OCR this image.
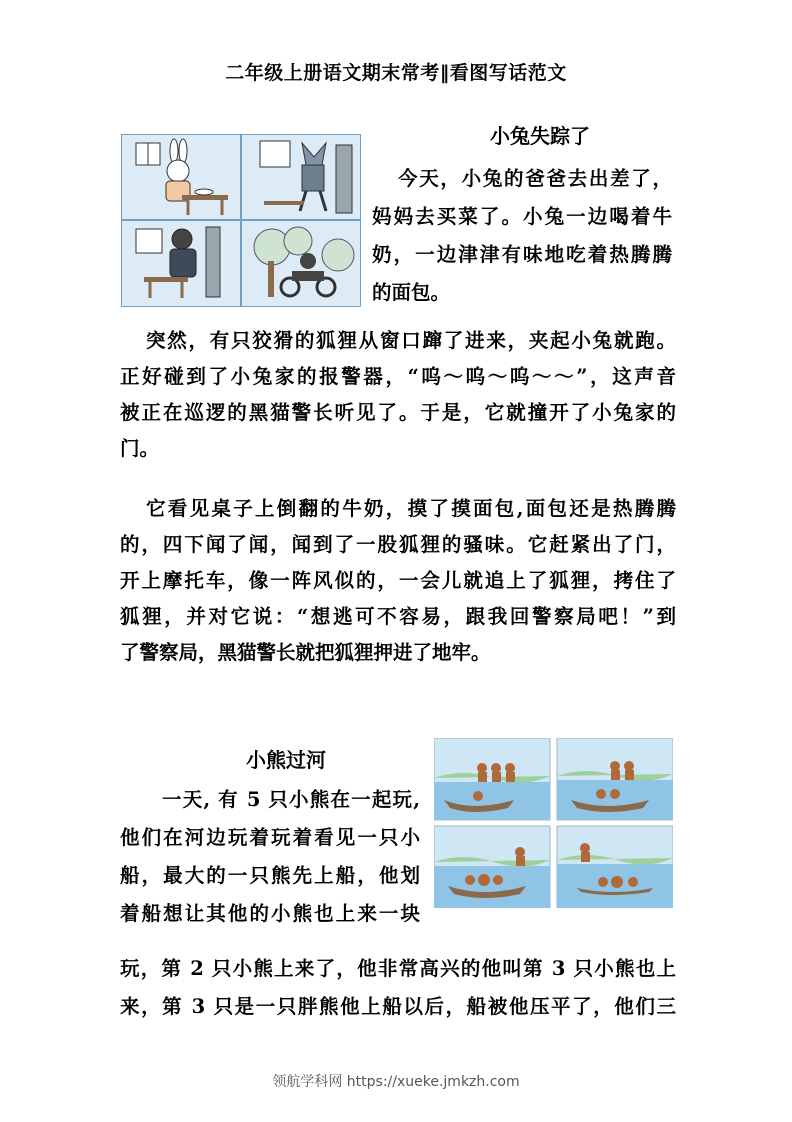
二年级上册语文期末常考‖看图写话范文
小兔失踪了
今天，小兔的爸爸去出差了，
妈妈去买菜了。小兔一边喝着牛
奶，一边津津有味地吃着热腾腾
的面包。
突然，有只狡猾的狐狸从窗口蹿了进来，夹起小兔就跑。
正好碰到了小兔家的报警器，“呜～呜～呜～～”，这声音
被正在巡逻的黑猫警长听见了。于是，它就撞开了小兔家的
门。
它看见桌子上倒翻的牛奶，摸了摸面包,面包还是热腾腾
的，四下闻了闻，闻到了一股狐狸的骚味。它赶紧出了门，
开上摩托车，像一阵风似的，一会儿就追上了狐狸，拷住了
狐狸，并对它说：“想逃可不容易，跟我回警察局吧！”到
了警察局，黑猫警长就把狐狸押进了地牢。
小熊过河
一天, 有 5 只小熊在一起玩,
他们在河边玩着玩着看见一只小
船，最大的一只熊先上船，他划
着船想让其他的小熊也上来一块
玩，第 2 只小熊上来了，他非常高兴的他叫第 3 只小熊也上
来，第 3 只是一只胖熊他上船以后，船被他压平了，他们三
领航学科网 https://xueke.jmkzh.com
